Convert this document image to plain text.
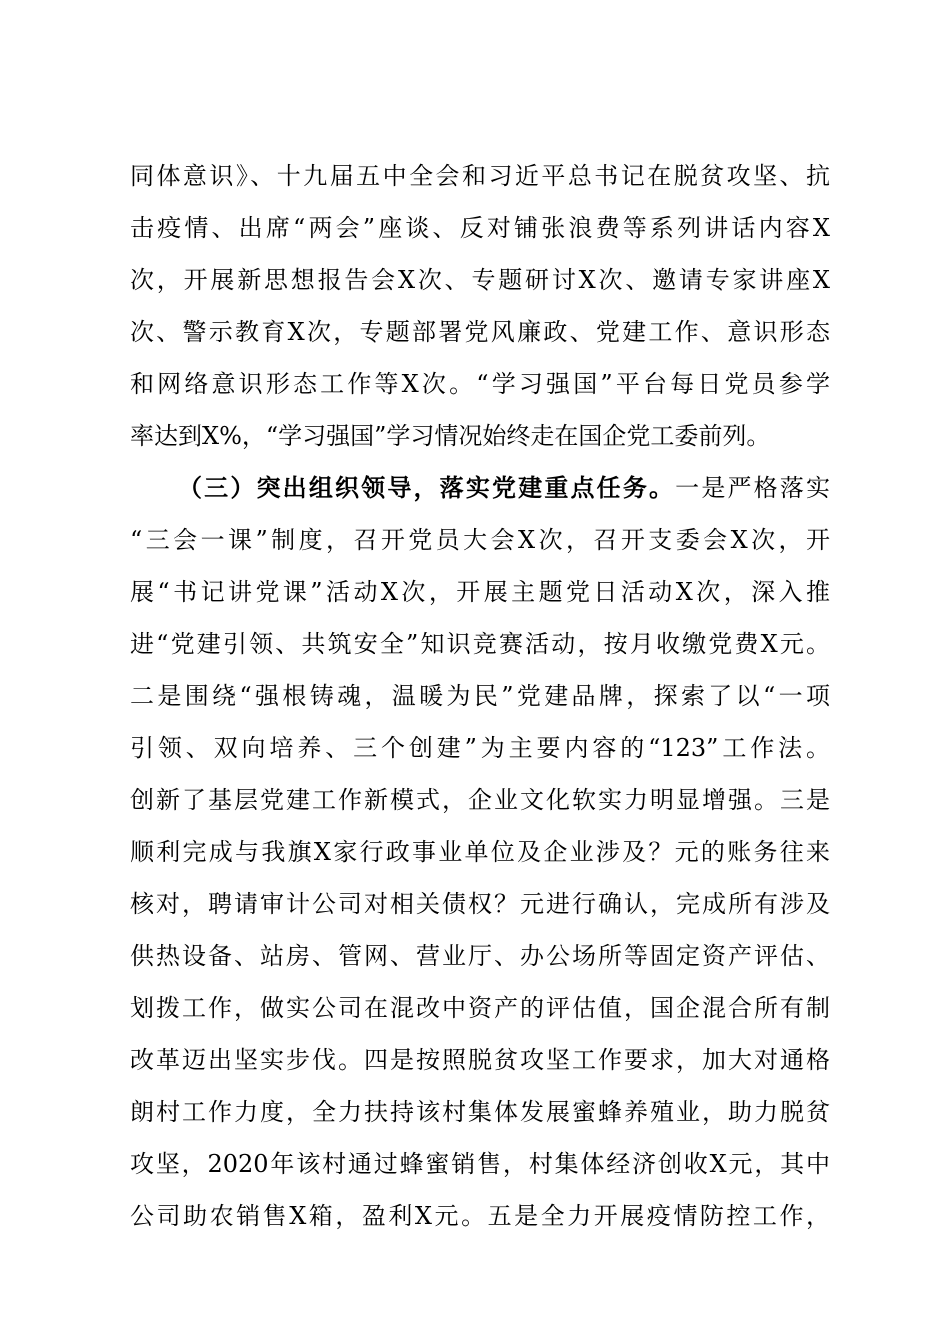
同体意识》、十九届五中全会和习近平总书记在脱贫攻坚、抗
击疫情、出席“两会”座谈、反对铺张浪费等系列讲话内容X
次，开展新思想报告会X次、专题研讨X次、邀请专家讲座X
次、警示教育X次，专题部署党风廉政、党建工作、意识形态
和网络意识形态工作等X次。“学习强国”平台每日党员参学
率达到X%，“学习强国”学习情况始终走在国企党工委前列。
（三）突出组织领导，落实党建重点任务。一是严格落实
“三会一课”制度，召开党员大会X次，召开支委会X次，开
展“书记讲党课”活动X次，开展主题党日活动X次，深入推
进“党建引领、共筑安全”知识竞赛活动，按月收缴党费X元。
二是围绕“强根铸魂，温暖为民”党建品牌，探索了以“一项
引领、双向培养、三个创建”为主要内容的“123”工作法。
创新了基层党建工作新模式，企业文化软实力明显增强。三是
顺利完成与我旗X家行政事业单位及企业涉及？元的账务往来
核对，聘请审计公司对相关债权？元进行确认，完成所有涉及
供热设备、站房、管网、营业厅、办公场所等固定资产评估、
划拨工作，做实公司在混改中资产的评估值，国企混合所有制
改革迈出坚实步伐。四是按照脱贫攻坚工作要求，加大对通格
朗村工作力度，全力扶持该村集体发展蜜蜂养殖业，助力脱贫
攻坚，2020年该村通过蜂蜜销售，村集体经济创收X元，其中
公司助农销售X箱，盈利X元。五是全力开展疫情防控工作，
